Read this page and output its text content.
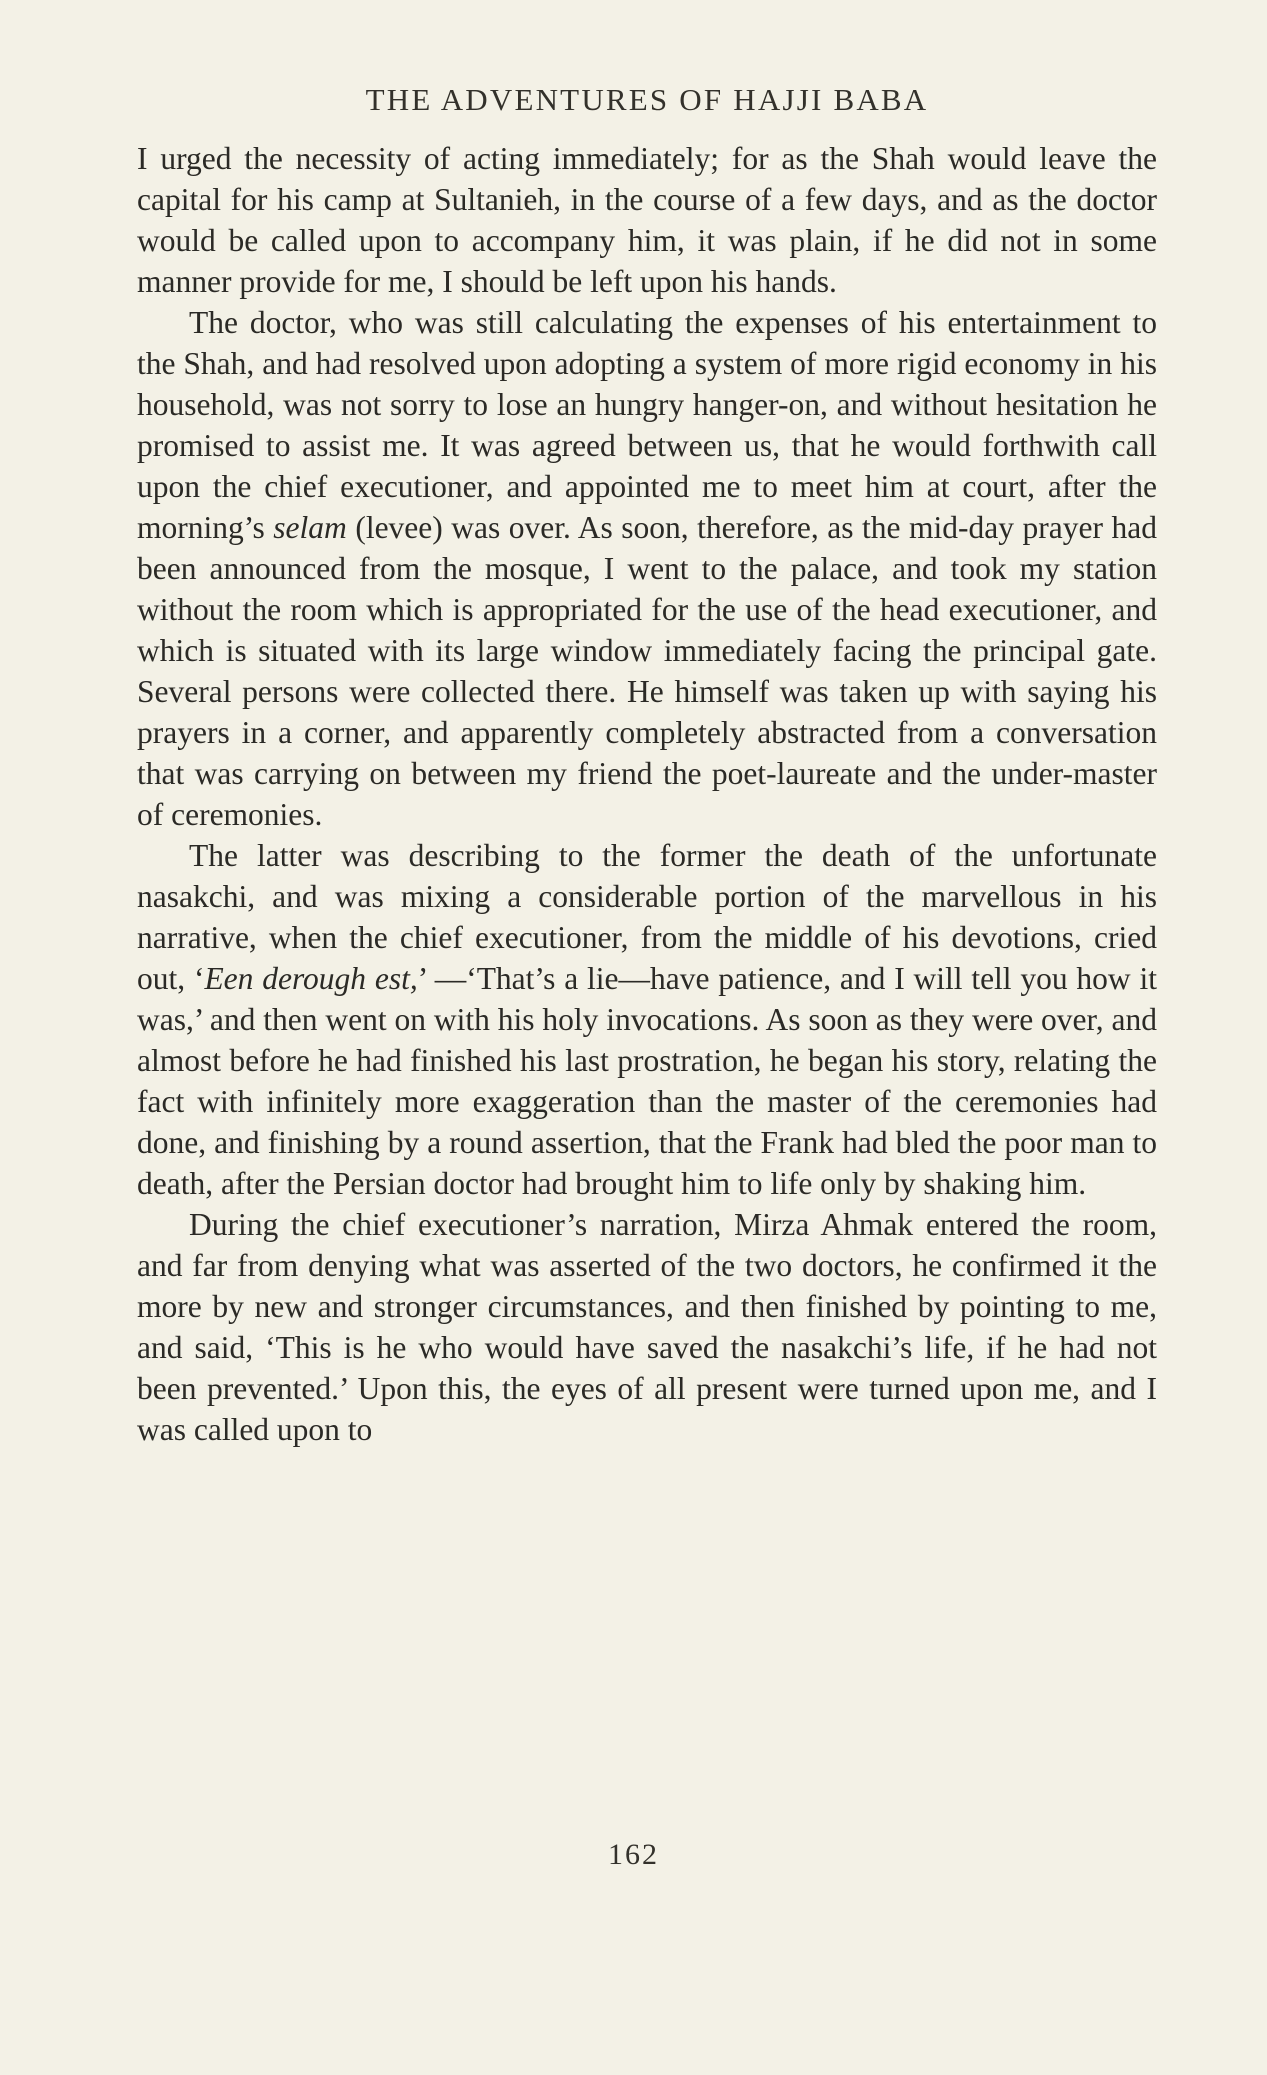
THE ADVENTURES OF HAJJI BABA

I urged the necessity of acting immediately; for as the Shah would leave the capital for his camp at Sultanieh, in the course of a few days, and as the doctor would be called upon to accompany him, it was plain, if he did not in some manner provide for me, I should be left upon his hands.

The doctor, who was still calculating the expenses of his entertainment to the Shah, and had resolved upon adopting a system of more rigid economy in his household, was not sorry to lose an hungry hanger-on, and without hesitation he promised to assist me. It was agreed between us, that he would forthwith call upon the chief executioner, and appointed me to meet him at court, after the morning’s selam (levee) was over. As soon, therefore, as the mid-day prayer had been announced from the mosque, I went to the palace, and took my station without the room which is appropriated for the use of the head executioner, and which is situated with its large window immediately facing the principal gate. Several persons were collected there. He himself was taken up with saying his prayers in a corner, and apparently completely abstracted from a conversation that was carrying on between my friend the poet-laureate and the under-master of ceremonies.

The latter was describing to the former the death of the unfortunate nasakchi, and was mixing a considerable portion of the marvellous in his narrative, when the chief executioner, from the middle of his devotions, cried out, ‘Een derough est,’ —‘That’s a lie—have patience, and I will tell you how it was,’ and then went on with his holy invocations. As soon as they were over, and almost before he had finished his last prostration, he began his story, relating the fact with infinitely more exaggeration than the master of the ceremonies had done, and finishing by a round assertion, that the Frank had bled the poor man to death, after the Persian doctor had brought him to life only by shaking him.

During the chief executioner’s narration, Mirza Ahmak entered the room, and far from denying what was asserted of the two doctors, he confirmed it the more by new and stronger circumstances, and then finished by pointing to me, and said, ‘This is he who would have saved the nasakchi’s life, if he had not been prevented.’ Upon this, the eyes of all present were turned upon me, and I was called upon to

162
